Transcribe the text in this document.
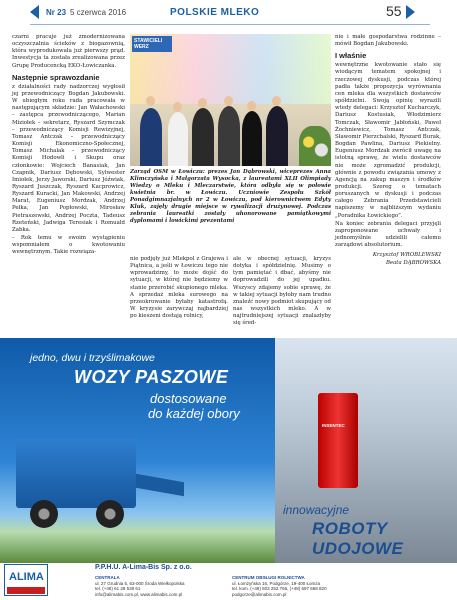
Nr 23 5 czerwca 2016	POLSKIE MLEKO	55

czarni pracuje już zmodernizowana oczyszczalnia ścieków z biogazownią, która wyprodukowała już pierwszy prąd. Inwestycja ta została zrealizowana przez Grupę Producencką EKO-Łowiczanka.

Następnie sprawozdanie

z działalności rady nadzorczej wygłosił jej przewodniczący Bogdan Jakubowski. W ubiegłym roku rada pracowała w następującym składzie: Jan Wałachowski – zastępca przewodniczącego, Marian Miziołek – sekretarz, Ryszard Szymczak – przewodniczący Komisji Rewizyjnej, Tomasz Antczak – przewodniczący Komisji Ekonomiczno-Społecznej, Tomasz Michalak – przewodniczący Komisji Hodowli i Skupu oraz członkowie: Wojciech Banasiak, Jan Czapnik, Dariusz Dębowski, Sylwester Imiołek, Jerzy Jaworski, Dariusz Jóźwiak, Ryszard Juszczak, Ryszard Kacprowicz, Ryszard Kuracki, Jan Makowski, Andrzej Marat, Eugeniusz Mordzak, Andrzej Pełka, Jan Popłowski, Mirosław Pietraszewski, Andrzej Poczta, Tadeusz Rzeteński, Jadwiga Teresiak i Romuald Zabka.

– Rok temu w swoim wystąpieniu wspomniałem o kwotowaniu wewnętrznym. Takie rozwiąza-

STAWICIELI WERZ
Zarząd OSM w Łowiczu: prezes Jan Dąbrowski, wiceprezes Anna Klimczyńska i Małgorzata Wysocka, z laureatami XLII Olimpiady Wiedzy o Mleku i Mleczarstwie, która odbyła się w połowie kwietnia br. w Łowiczu. Uczniowie Zespołu Szkół Ponadgimnazjalnych nr 2 w Łowiczu, pod kierownictwem Edyty Kluk, zajęły drugie miejsce w rywalizacji drużynowej. Podczas zebrania laureatki zostały uhonorowane pamiątkowymi dyplomami i lowickimi prezentami

nie podjęły już Mlekpol z Grajewa i Piątnica, a jeśli w Łowiczu tego nie wprowadzimy, to może dojść do sytuacji, w której nie będziemy w stanie przerobić skupionego mleka. A sprzedaż mleka surowego na przeokrowanie byłaby katastrofą. W kryzysie zarywczaj najbardziej po kieszeni dostają rolnicy,

ale w obecnej sytuacji, kryzys dotyka i spółdzielnię. Musimy o tym pamiętać i dbać, abyśmy nie doprowadzili do jej upadku. Wszyscy zdajemy sobie sprawę, że w takiej sytuacji byłoby nam trudno znaleźć nowy podmiot skupujący od nas wszystkich mleko. A w najtrudniejszej sytuacji znalazłyby się śred-

nie i małe gospodarstwa rodzinne – mówił Bogdan Jakubowski.

I właśnie

wewnętrzne kwotowanie stało się wiodącym tematem spokojnej i rzeczowej dyskusji, podczas której padła także propozycja wyrównania cen mleka dla wszystkich dostawców spółdzielni. Swoją opinię wyrazili wtedy delegaci: Krzysztof Kucharczyk, Dariusz Kostusiak, Włodzimierz Tomczak, Sławomir Jabłoński, Paweł Żochniewicz, Tomasz Antczak, Sławomir Pierzchalski, Ryszard Burak, Bogdan Pawlina, Dariusz Piekielny. Eugeniusz Mordzak zwrócił uwagę na istotną sprawę, że wielu dostawców nie może zgromadzić produkcji, głównie z powodu związania umowy z Agencją na zakup maszyn i środków produkcji. Szereg o tematach poruszanych w dyskusji i podczas całego Zebrania Przedstawicieli napiszemy w najbliższym wydaniu „Poradnika Łowickiego”.

Na koniec zebrania delegaci przyjęli zaproponowane uchwały i jednomyślnie udzielili całemu zarządowi absolutorium.

Krzysztof WROBLEWSKI
Beata DĄBROWSKA
jedno, dwu i trzyślimakowe
WOZY PASZOWE
dostosowane
do każdej obory
INSENTEC
innowacyjne
ROBOTY UDOJOWE
ALIMA
P.P.H.U. A-Lima-Bis Sp. z o.o.
CENTRALA
ul. 27 Grudnia 5, 63-000 Środa Wielkopolska
tel. (+48) 61 28 538 61
info@alimabis.com.pl, www.alimabis.com.pl
CENTRUM OBSŁUGI ROLNICTWA
ul. Łomżyńska 16, Podgórze, 19-400 Łomża
tel. kom. (+48) 603 252 766, (+48) 697 668 820
podgorze@alimabis.com.pl
